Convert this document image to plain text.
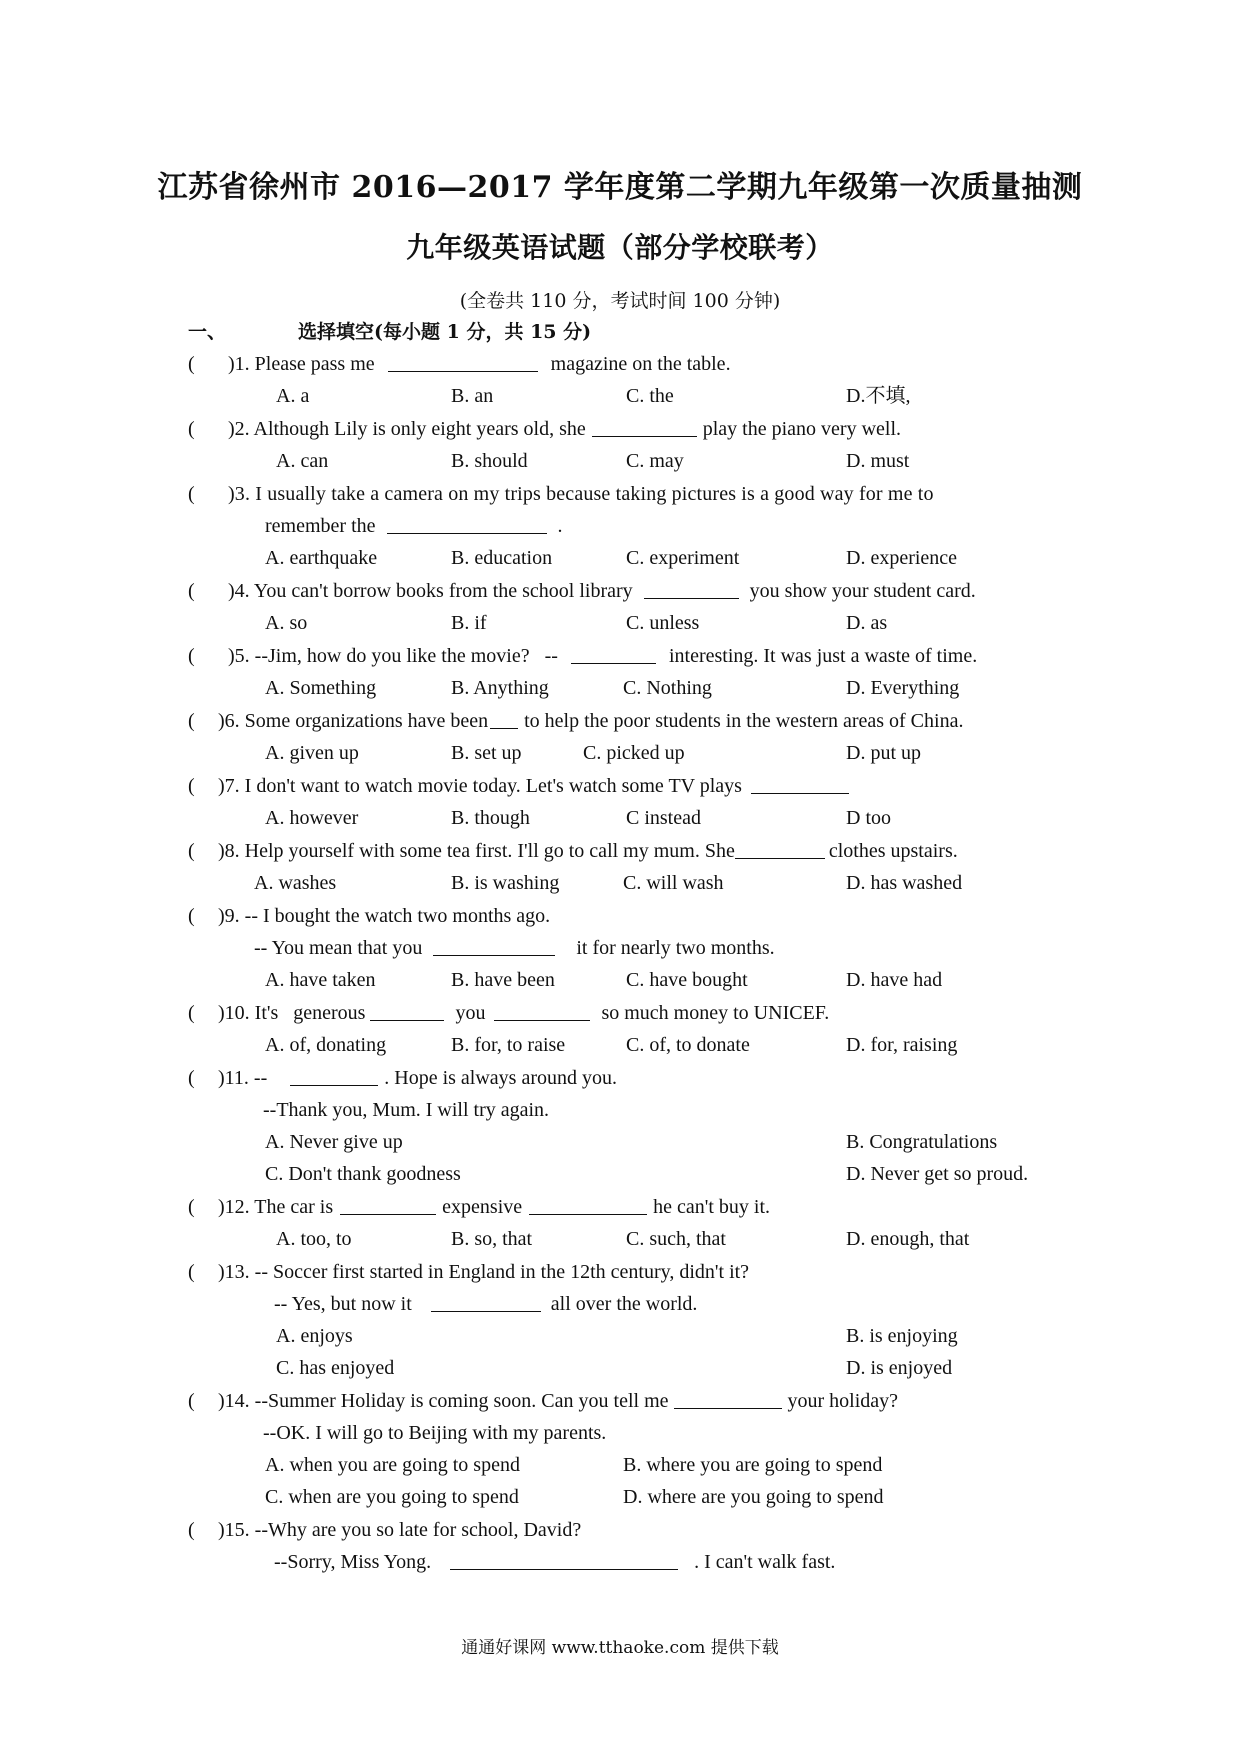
江苏省徐州市 2016—2017 学年度第二学期九年级第一次质量抽测
九年级英语试题（部分学校联考）
(全卷共 110 分，考试时间 100 分钟)
一、	选择填空(每小题 1 分，共 15 分)
( )1. Please pass me	magazine on the table.
A. a	B. an	C. the	D.不填,
( )2. Although Lily is only eight years old, she	play the piano very well.
A. can	B. should	C. may	D. must
( )3. I usually take a camera on my trips because taking pictures is a good way for me to
remember the	.
A. earthquake	B. education	C. experiment	D. experience
( )4. You can't borrow books from the school library	you show your student card.
A. so	B. if	C. unless	D. as
( )5. --Jim, how do you like the movie? --	interesting. It was just a waste of time.
A. Something	B. Anything	C. Nothing	D. Everything
( )6. Some organizations have been to help the poor students in the western areas of China.
A. given up	B. set up	C. picked up	D. put up
( )7. I don't want to watch movie today. Let's watch some TV plays
A. however	B. though	C instead	D too
( )8. Help yourself with some tea first. I'll go to call my mum. She	clothes upstairs.
A. washes	B. is washing	C. will wash	D. has washed
( )9. -- I bought the watch two months ago.
-- You mean that you	it for nearly two months.
A. have taken	B. have been	C. have bought	D. have had
( )10. It's generous	you	so much money to UNICEF.
A. of, donating	B. for, to raise	C. of, to donate	D. for, raising
( )11. --	. Hope is always around you.
--Thank you, Mum. I will try again.
A. Never give up	B. Congratulations
C. Don't thank goodness	D. Never get so proud.
( )12. The car is	expensive	he can't buy it.
A. too, to	B. so, that	C. such, that	D. enough, that
( )13. -- Soccer first started in England in the 12th century, didn't it?
-- Yes, but now it	all over the world.
A. enjoys	B. is enjoying
C. has enjoyed	D. is enjoyed
( )14. --Summer Holiday is coming soon. Can you tell me	your holiday?
--OK. I will go to Beijing with my parents.
A. when you are going to spend	B. where you are going to spend
C. when are you going to spend	D. where are you going to spend
( )15. --Why are you so late for school, David?
--Sorry, Miss Yong.	. I can't walk fast.
通通好课网 www.tthaoke.com 提供下载
